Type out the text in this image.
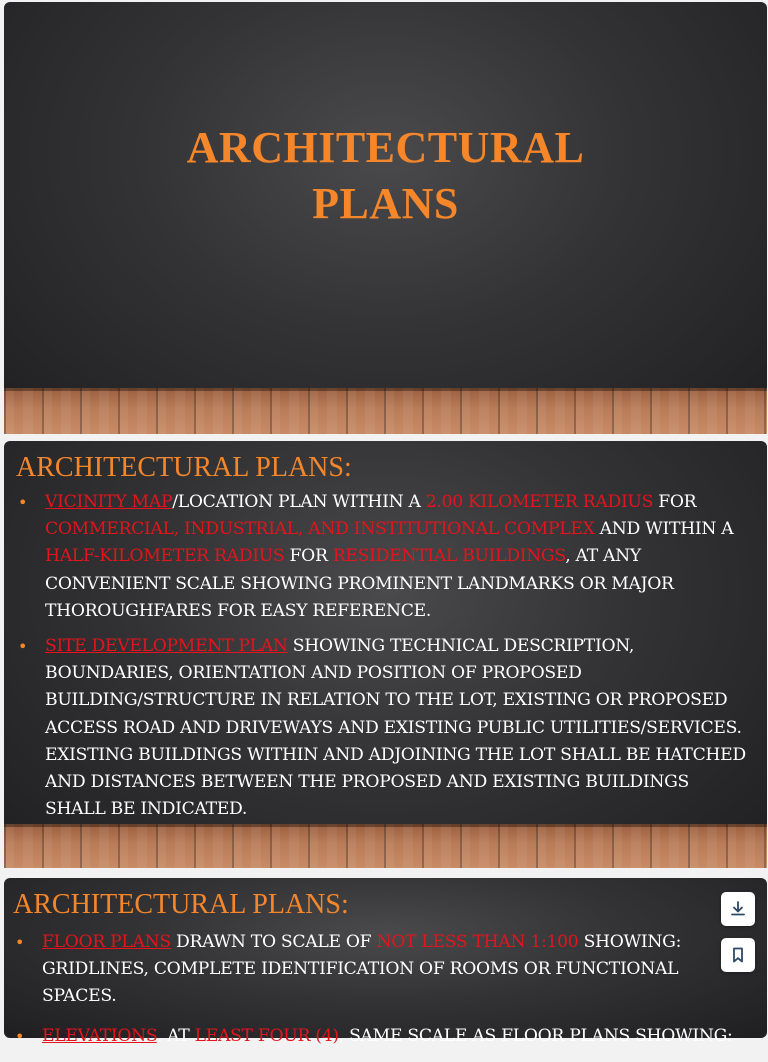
ARCHITECTURAL
PLANS
ARCHITECTURAL PLANS:
• VICINITY MAP/LOCATION PLAN WITHIN A 2.00 KILOMETER RADIUS FOR COMMERCIAL, INDUSTRIAL, AND INSTITUTIONAL COMPLEX AND WITHIN A HALF-KILOMETER RADIUS FOR RESIDENTIAL BUILDINGS, AT ANY CONVENIENT SCALE SHOWING PROMINENT LANDMARKS OR MAJOR THOROUGHFARES FOR EASY REFERENCE.
• SITE DEVELOPMENT PLAN SHOWING TECHNICAL DESCRIPTION, BOUNDARIES, ORIENTATION AND POSITION OF PROPOSED BUILDING/STRUCTURE IN RELATION TO THE LOT, EXISTING OR PROPOSED ACCESS ROAD AND DRIVEWAYS AND EXISTING PUBLIC UTILITIES/SERVICES. EXISTING BUILDINGS WITHIN AND ADJOINING THE LOT SHALL BE HATCHED AND DISTANCES BETWEEN THE PROPOSED AND EXISTING BUILDINGS SHALL BE INDICATED.
ARCHITECTURAL PLANS:
• FLOOR PLANS DRAWN TO SCALE OF NOT LESS THAN 1:100 SHOWING: GRIDLINES, COMPLETE IDENTIFICATION OF ROOMS OR FUNCTIONAL SPACES.
• ELEVATIONS, AT LEAST FOUR (4), SAME SCALE AS FLOOR PLANS SHOWING:
